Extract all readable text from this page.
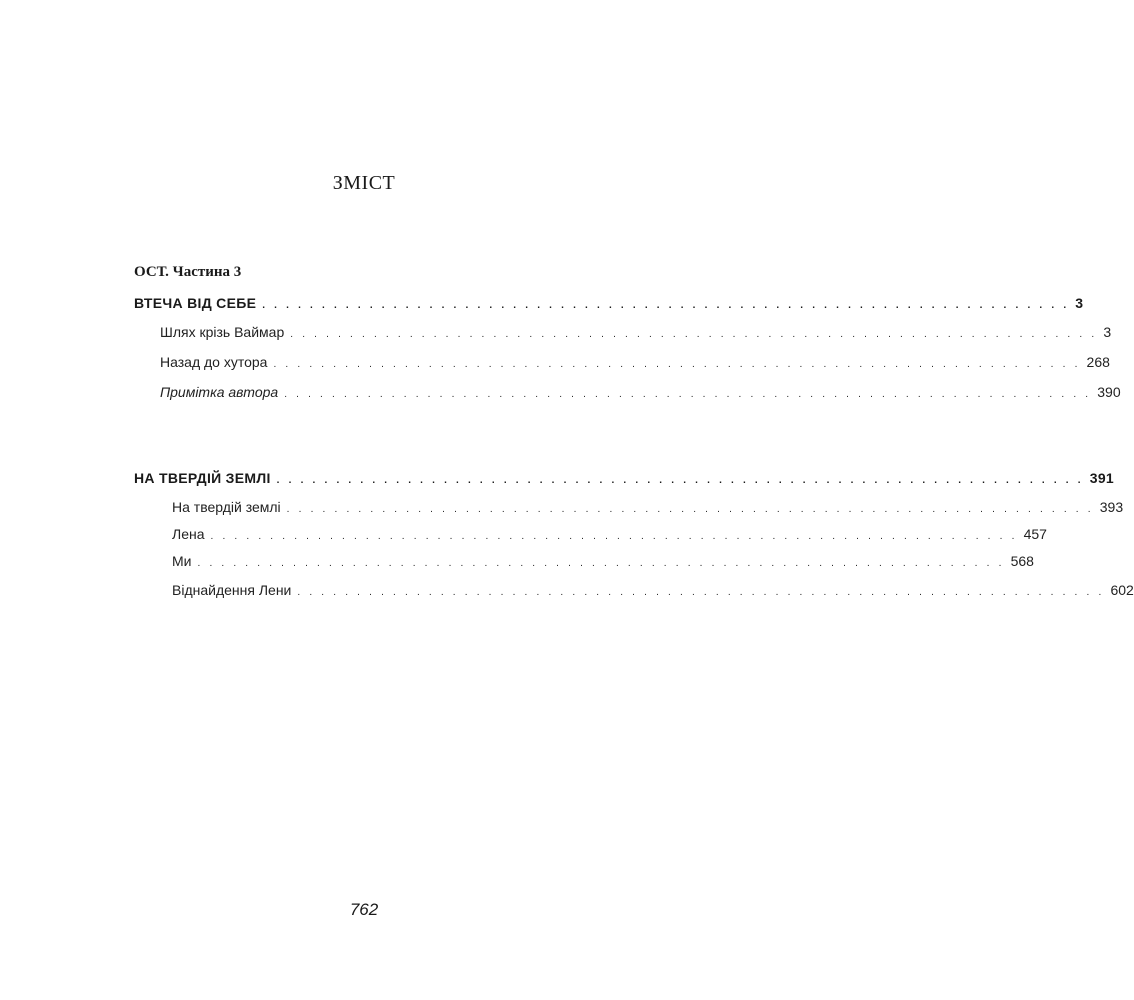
ЗМІСТ
ОСТ. Частина 3
ВТЕЧА ВІД СЕБЕ . . . . . . . . . . . . . . . . . . . . . . . . . . . . . . . . . . . . . . . . . . . . . . . . . . . . . . . . . . . . . . . . . . . . 3
Шлях крізь Ваймар . . . . . . . . . . . . . . . . . . . . . . . . . . . . . . . . . . . . . . . . . . . . . . . . . . . . . . . . . . . . . . . . . . . . 3
Назад до хутора . . . . . . . . . . . . . . . . . . . . . . . . . . . . . . . . . . . . . . . . . . . . . . . . . . . . . . . . . . . . . . . . . . . . 268
Примітка автора . . . . . . . . . . . . . . . . . . . . . . . . . . . . . . . . . . . . . . . . . . . . . . . . . . . . . . . . . . . . . . . . . . . . 390
НА ТВЕРДІЙ ЗЕМЛІ . . . . . . . . . . . . . . . . . . . . . . . . . . . . . . . . . . . . . . . . . . . . . . . . . . . . . . . . . . . . . . . . . . . . 391
На твердій землі . . . . . . . . . . . . . . . . . . . . . . . . . . . . . . . . . . . . . . . . . . . . . . . . . . . . . . . . . . . . . . . . . . . . 393
Лена . . . . . . . . . . . . . . . . . . . . . . . . . . . . . . . . . . . . . . . . . . . . . . . . . . . . . . . . . . . . . . . . . . . . 457
Ми . . . . . . . . . . . . . . . . . . . . . . . . . . . . . . . . . . . . . . . . . . . . . . . . . . . . . . . . . . . . . . . . . . . . 568
Віднайдення Лени . . . . . . . . . . . . . . . . . . . . . . . . . . . . . . . . . . . . . . . . . . . . . . . . . . . . . . . . . . . . . . . . . . . . 602
762
